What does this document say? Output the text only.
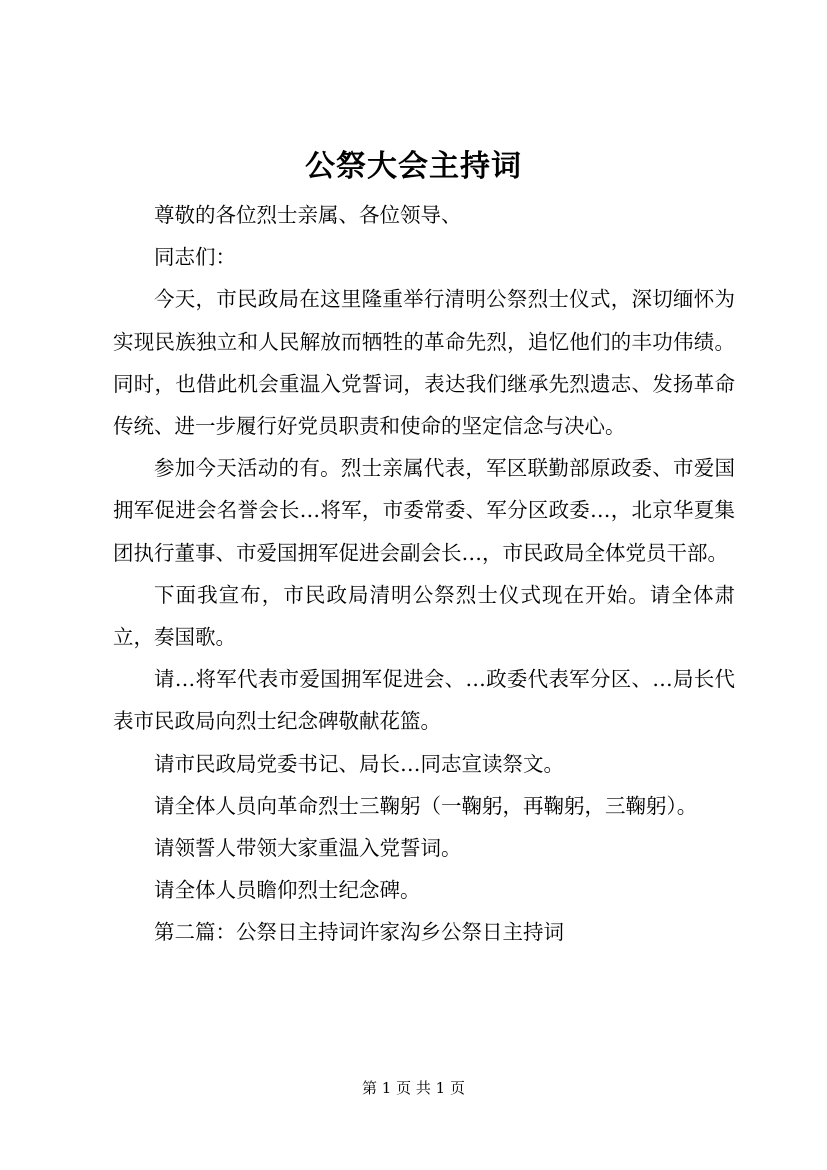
公祭大会主持词

尊敬的各位烈士亲属、各位领导、

同志们：

今天，市民政局在这里隆重举行清明公祭烈士仪式，深切缅怀为实现民族独立和人民解放而牺牲的革命先烈，追忆他们的丰功伟绩。同时，也借此机会重温入党誓词，表达我们继承先烈遗志、发扬革命传统、进一步履行好党员职责和使命的坚定信念与决心。

参加今天活动的有。烈士亲属代表，军区联勤部原政委、市爱国拥军促进会名誉会长…将军，市委常委、军分区政委…，北京华夏集团执行董事、市爱国拥军促进会副会长…，市民政局全体党员干部。

下面我宣布，市民政局清明公祭烈士仪式现在开始。请全体肃立，奏国歌。

请…将军代表市爱国拥军促进会、…政委代表军分区、…局长代表市民政局向烈士纪念碑敬献花篮。

请市民政局党委书记、局长…同志宣读祭文。

请全体人员向革命烈士三鞠躬（一鞠躬，再鞠躬，三鞠躬）。

请领誓人带领大家重温入党誓词。

请全体人员瞻仰烈士纪念碑。

第二篇：公祭日主持词许家沟乡公祭日主持词

第 1 页 共 1 页
